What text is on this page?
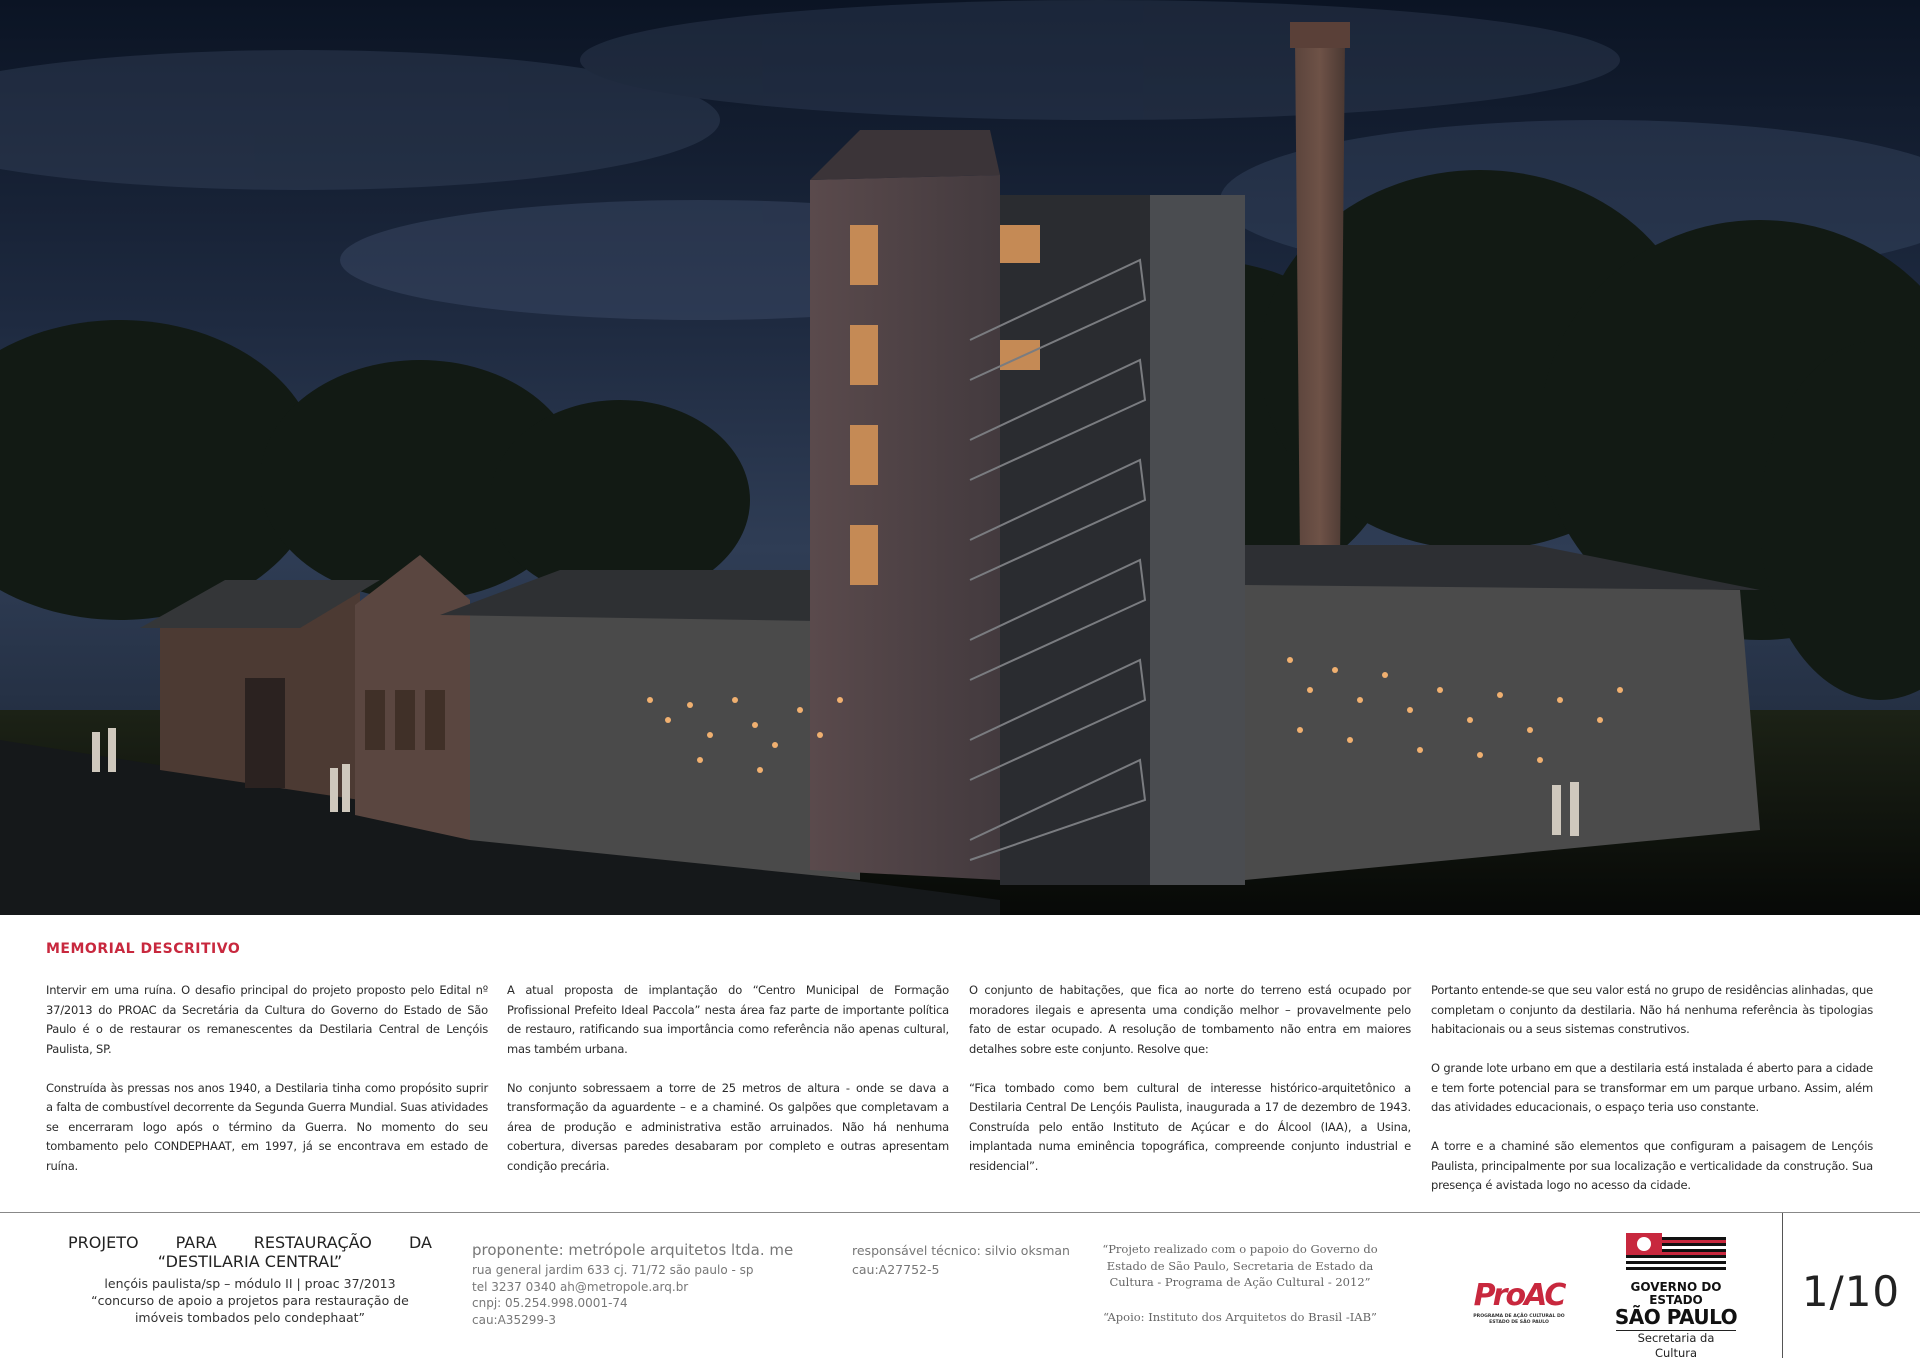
MEMORIAL DESCRITIVO

Intervir em uma ruína. O desafio principal do projeto proposto pelo Edital nº 37/2013 do PROAC da Secretária da Cultura do Governo do Estado de São Paulo é o de restaurar os remanescentes da Destilaria Central de Lençóis Paulista, SP.

Construída às pressas nos anos 1940, a Destilaria tinha como propósito suprir a falta de combustível decorrente da Segunda Guerra Mundial. Suas atividades se encerraram logo após o término da Guerra. No momento do seu tombamento pelo CONDEPHAAT, em 1997, já se encontrava em estado de ruína.

A atual proposta de implantação do “Centro Municipal de Formação Profissional Prefeito Ideal Paccola” nesta área faz parte de importante política de restauro, ratificando sua importância como referência não apenas cultural, mas também urbana.

No conjunto sobressaem a torre de 25 metros de altura - onde se dava a transformação da aguardente – e a chaminé. Os galpões que completavam a área de produção e administrativa estão arruinados. Não há nenhuma cobertura, diversas paredes desabaram por completo e outras apresentam condição precária.

O conjunto de habitações, que fica ao norte do terreno está ocupado por moradores ilegais e apresenta uma condição melhor – provavelmente pelo fato de estar ocupado. A resolução de tombamento não entra em maiores detalhes sobre este conjunto. Resolve que:

“Fica tombado como bem cultural de interesse histórico-arquitetônico a Destilaria Central De Lençóis Paulista, inaugurada a 17 de dezembro de 1943. Construída pelo então Instituto de Açúcar e do Álcool (IAA), a Usina, implantada numa eminência topográfica, compreende conjunto industrial e residencial”.

Portanto entende-se que seu valor está no grupo de residências alinhadas, que completam o conjunto da destilaria. Não há nenhuma referência às tipologias habitacionais ou a seus sistemas construtivos.

O grande lote urbano em que a destilaria está instalada é aberto para a cidade e tem forte potencial para se transformar em um parque urbano. Assim, além das atividades educacionais, o espaço teria uso constante.

A torre e a chaminé são elementos que configuram a paisagem de Lençóis Paulista, principalmente por sua localização e verticalidade da construção. Sua presença é avistada logo no acesso da cidade.

PROJETO PARA RESTAURAÇÃO DA
“DESTILARIA CENTRAL”
lençóis paulista/sp – módulo II | proac 37/2013
“concurso de apoio a projetos para restauração de imóveis tombados pelo condephaat”
proponente: metrópole arquitetos ltda. me
rua general jardim 633 cj. 71/72 são paulo - sp
tel 3237 0340 ah@metropole.arq.br
cnpj: 05.254.998.0001-74
cau:A35299-3
responsável técnico: silvio oksman
cau:A27752-5
“Projeto realizado com o papoio do Governo do Estado de São Paulo, Secretaria de Estado da Cultura - Programa de Ação Cultural - 2012”
“Apoio: Instituto dos Arquitetos do Brasil -IAB”
ProAC
PROGRAMA DE AÇÃO CULTURAL DO ESTADO DE SÃO PAULO
GOVERNO DO ESTADO
SÃO PAULO
Secretaria da Cultura
1/10
